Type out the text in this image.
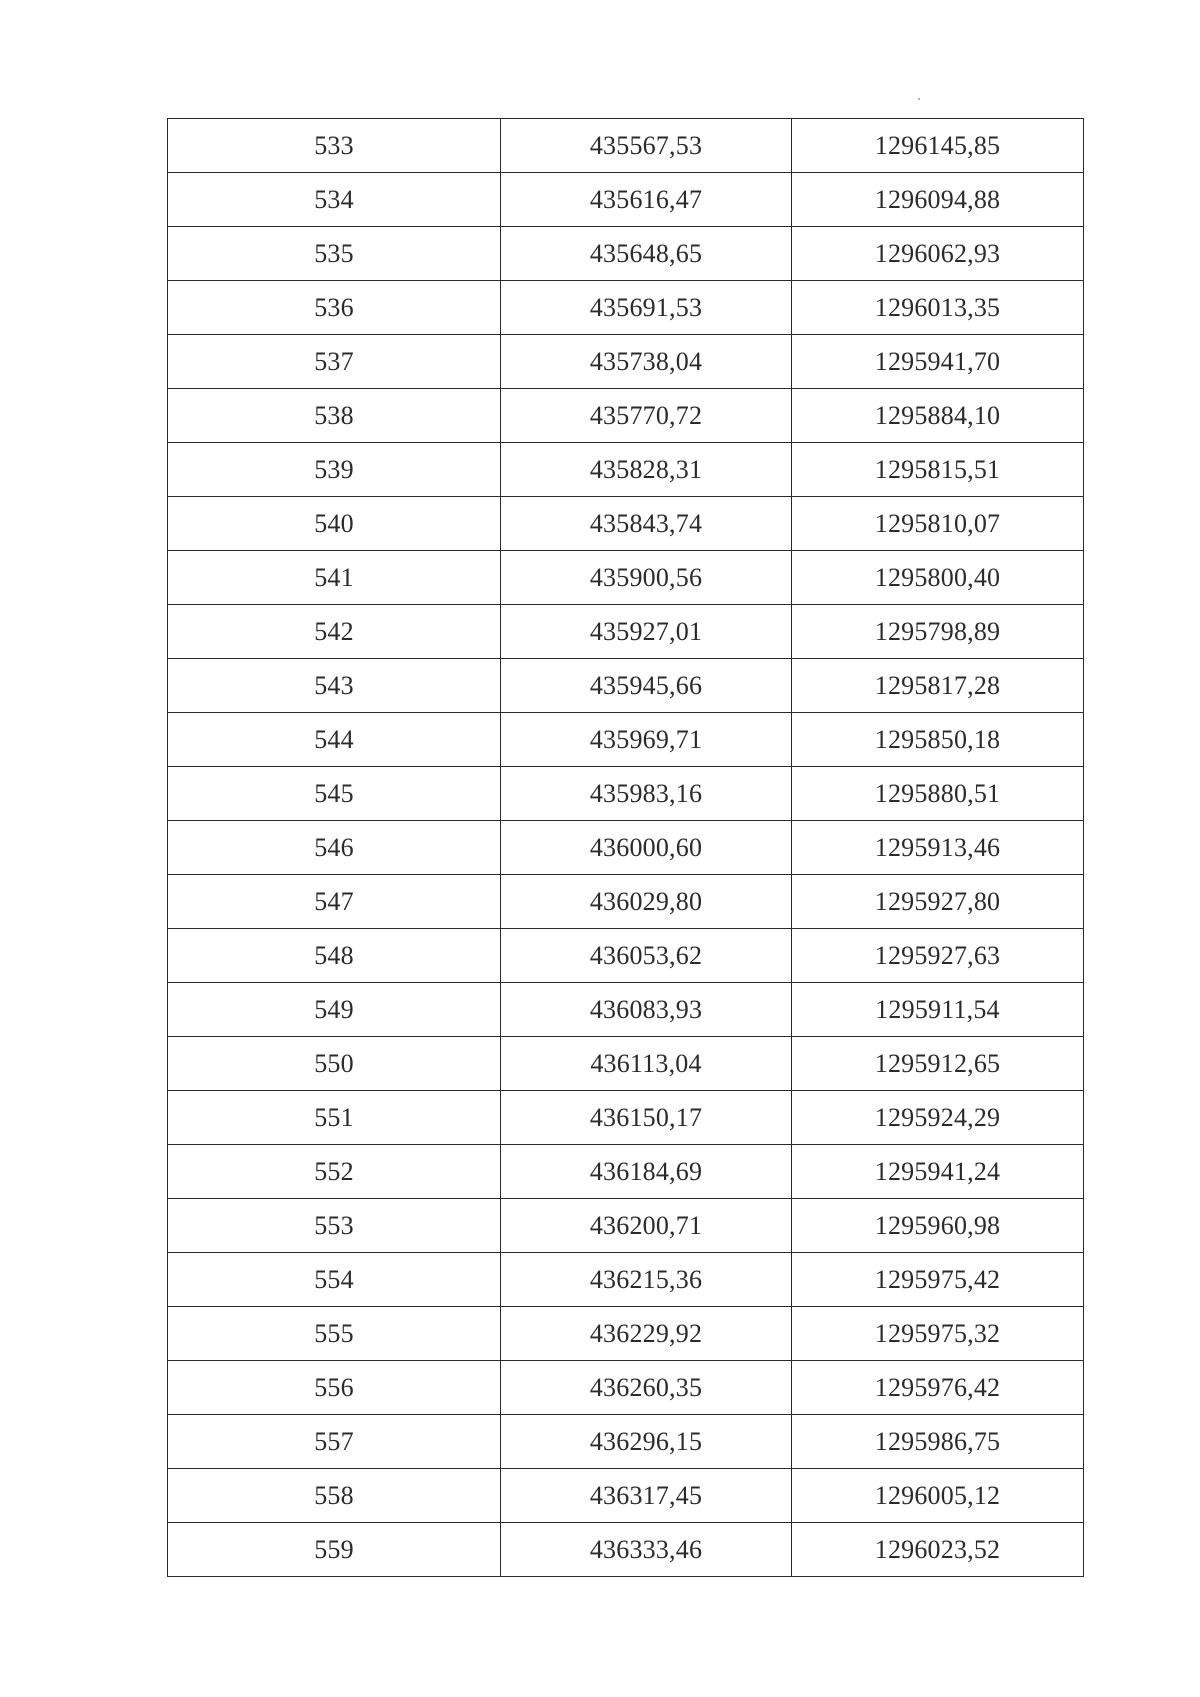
533	435567,53	1296145,85
534	435616,47	1296094,88
535	435648,65	1296062,93
536	435691,53	1296013,35
537	435738,04	1295941,70
538	435770,72	1295884,10
539	435828,31	1295815,51
540	435843,74	1295810,07
541	435900,56	1295800,40
542	435927,01	1295798,89
543	435945,66	1295817,28
544	435969,71	1295850,18
545	435983,16	1295880,51
546	436000,60	1295913,46
547	436029,80	1295927,80
548	436053,62	1295927,63
549	436083,93	1295911,54
550	436113,04	1295912,65
551	436150,17	1295924,29
552	436184,69	1295941,24
553	436200,71	1295960,98
554	436215,36	1295975,42
555	436229,92	1295975,32
556	436260,35	1295976,42
557	436296,15	1295986,75
558	436317,45	1296005,12
559	436333,46	1296023,52
